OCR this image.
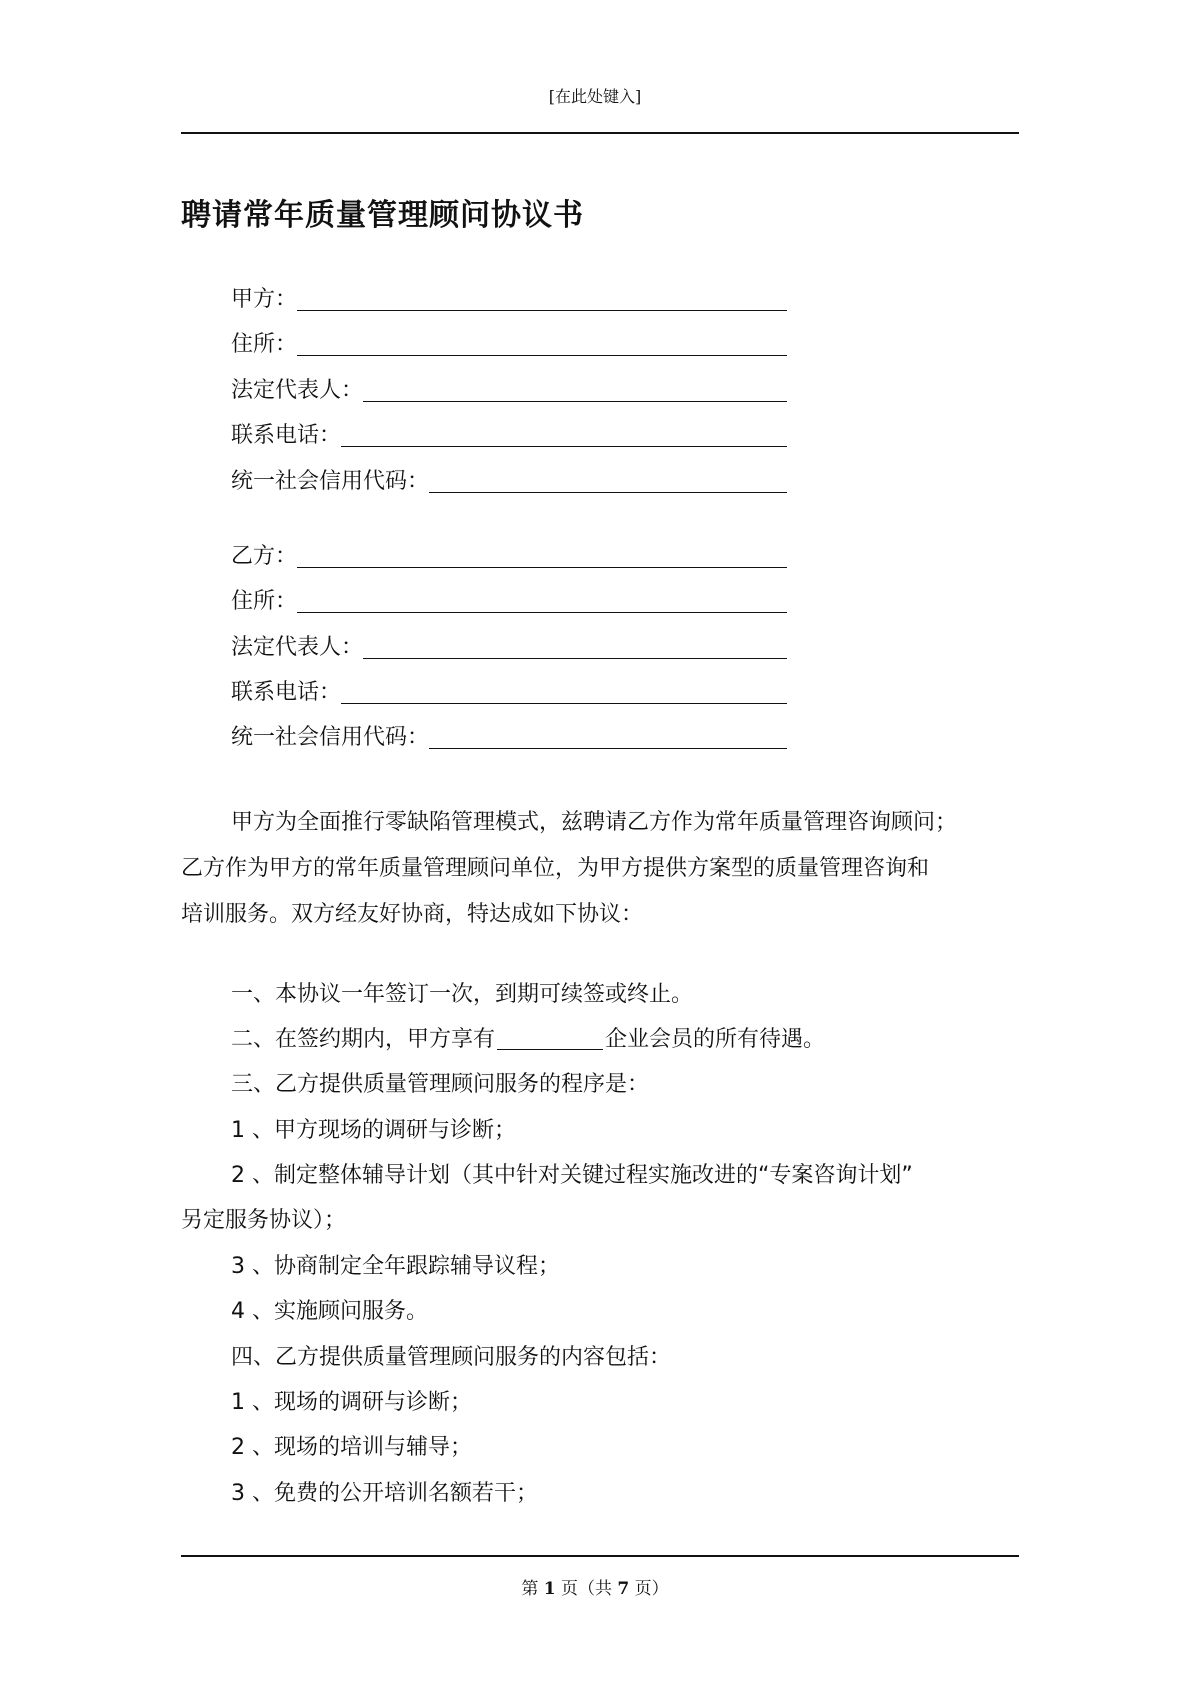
[在此处键入]
聘请常年质量管理顾问协议书
甲方：
住所：
法定代表人：
联系电话：
统一社会信用代码：
乙方：
住所：
法定代表人：
联系电话：
统一社会信用代码：
甲方为全面推行零缺陷管理模式，兹聘请乙方作为常年质量管理咨询顾问；
乙方作为甲方的常年质量管理顾问单位，为甲方提供方案型的质量管理咨询和
培训服务。双方经友好协商，特达成如下协议：
一、本协议一年签订一次，到期可续签或终止。
二、在签约期内，甲方享有	企业会员的所有待遇。
三、乙方提供质量管理顾问服务的程序是：
1 、甲方现场的调研与诊断；
2 、制定整体辅导计划（其中针对关键过程实施改进的“专案咨询计划”
另定服务协议）；
3 、协商制定全年跟踪辅导议程；
4 、实施顾问服务。
四、乙方提供质量管理顾问服务的内容包括：
1 、现场的调研与诊断；
2 、现场的培训与辅导；
3 、免费的公开培训名额若干；
第 1 页（共 7 页）
